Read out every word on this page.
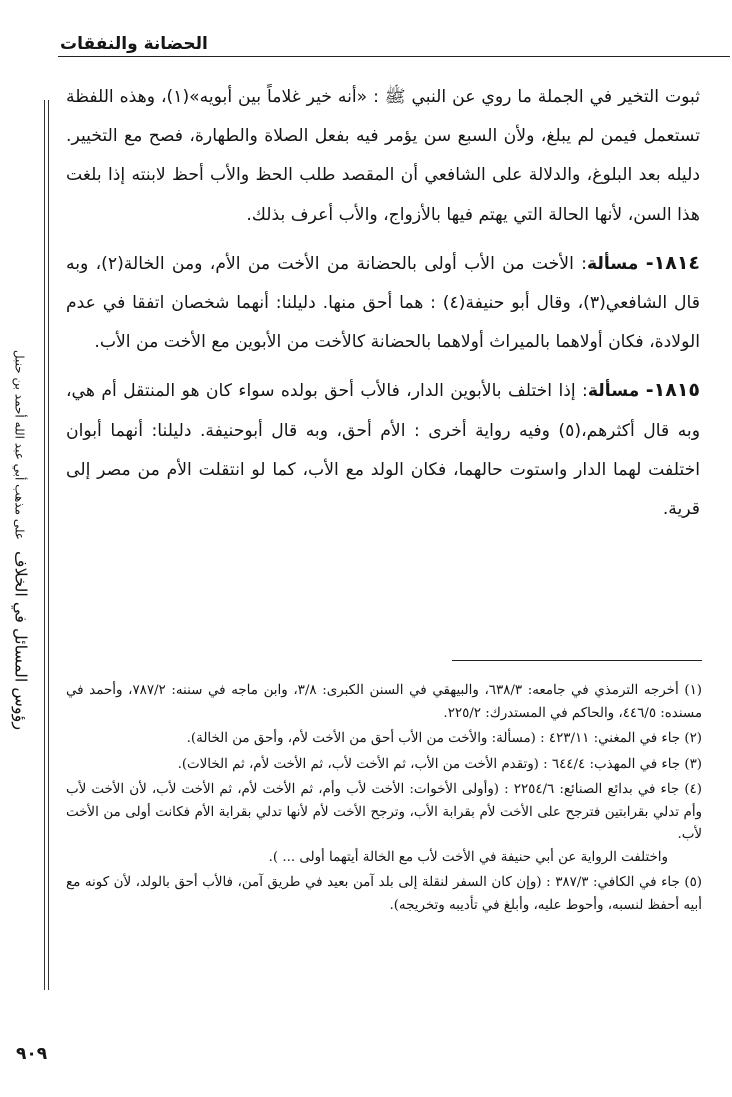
الحضانة والنفقات
رؤوس المسائل في الخلاف على مذهب أبي عبد الله أحمد بن حنبل

ثبوت التخير في الجملة ما روي عن النبي ﷺ : «أنه خير غلاماً بين أبويه»(١)، وهذه اللفظة تستعمل فيمن لم يبلغ، ولأن السبع سن يؤمر فيه بفعل الصلاة والطهارة، فصح مع التخيير. دليله بعد البلوغ، والدلالة على الشافعي أن المقصد طلب الحظ والأب أحظ لابنته إذا بلغت هذا السن، لأنها الحالة التي يهتم فيها بالأزواج، والأب أعرف بذلك.

١٨١٤- مسألة: الأخت من الأب أولى بالحضانة من الأخت من الأم، ومن الخالة(٢)، وبه قال الشافعي(٣)، وقال أبو حنيفة(٤) : هما أحق منها. دليلنا: أنهما شخصان اتفقا في عدم الولادة، فكان أولاهما بالميراث أولاهما بالحضانة كالأخت من الأبوين مع الأخت من الأب.

١٨١٥- مسألة: إذا اختلف بالأبوين الدار، فالأب أحق بولده سواء كان هو المنتقل أم هي، وبه قال أكثرهم،(٥) وفيه رواية أخرى : الأم أحق، وبه قال أبوحنيفة. دليلنا: أنهما أبوان اختلفت لهما الدار واستوت حالهما، فكان الولد مع الأب، كما لو انتقلت الأم من مصر إلى قرية.

(١) أخرجه الترمذي في جامعه: ٦٣٨/٣، والبيهقي في السنن الكبرى: ٣/٨، وابن ماجه في سننه: ٧٨٧/٢، وأحمد في مسنده: ٤٤٦/٥، والحاكم في المستدرك: ٢٢٥/٢.
(٢) جاء في المغني: ٤٢٣/١١ : (مسألة: والأخت من الأب أحق من الأخت لأم، وأحق من الخالة).
(٣) جاء في المهذب: ٦٤٤/٤ : (وتقدم الأخت من الأب، ثم الأخت لأب، ثم الأخت لأم، ثم الخالات).
(٤) جاء في بدائع الصنائع: ٢٢٥٤/٦ : (وأولى الأخوات: الأخت لأب وأم، ثم الأخت لأم، ثم الأخت لأب، لأن الأخت لأب وأم تدلي بقرابتين فترجح على الأخت لأم بقرابة الأب، وترجح الأخت لأم لأنها تدلي بقرابة الأم فكانت أولى من الأخت لأب.
واختلفت الرواية عن أبي حنيفة في الأخت لأب مع الخالة أيتهما أولى ... ).
(٥) جاء في الكافي: ٣٨٧/٣ : (وإن كان السفر لنقلة إلى بلد آمن بعيد في طريق آمن، فالأب أحق بالولد، لأن كونه مع أبيه أحفظ لنسبه، وأحوط عليه، وأبلغ في تأديبه وتخريجه).
٩٠٩
